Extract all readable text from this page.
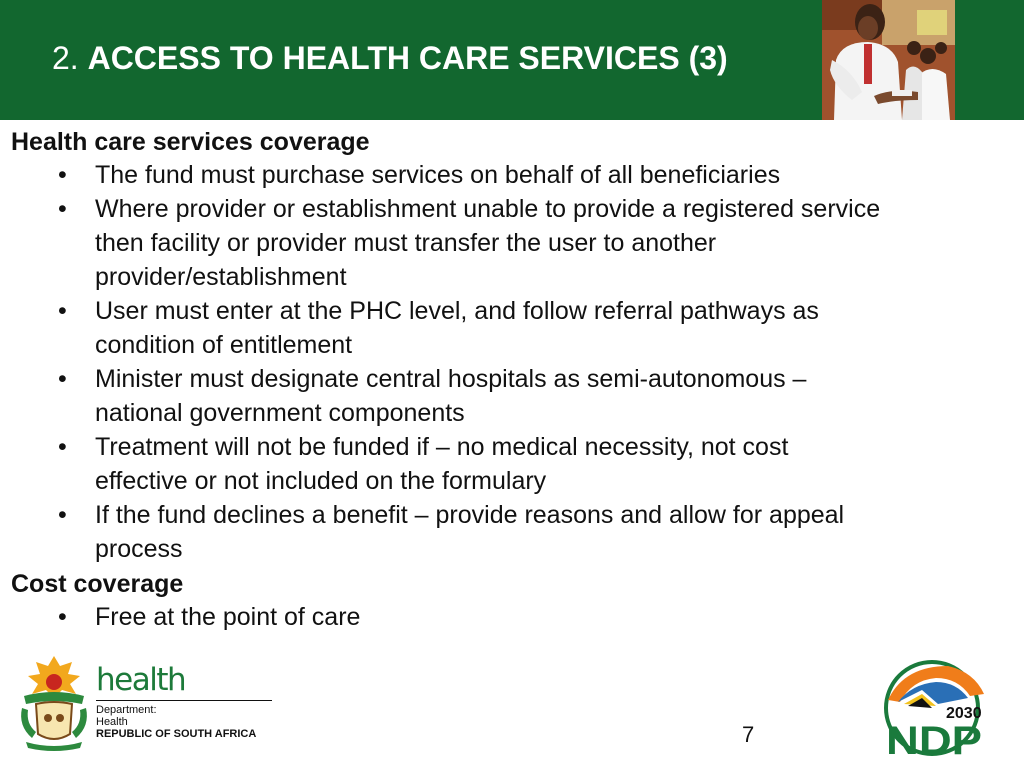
2. ACCESS TO HEALTH CARE SERVICES (3)

Health care services coverage

• The fund must purchase services on behalf of all beneficiaries
• Where provider or establishment unable to provide a registered service
then facility or provider must transfer the user to another
provider/establishment
• User must enter at the PHC level, and follow referral pathways as
condition of entitlement
• Minister must designate central hospitals as semi-autonomous –
national government components
• Treatment will not be funded if – no medical necessity, not cost
effective or not included on the formulary
• If the fund declines a benefit – provide reasons and allow for appeal
process

Cost coverage

• Free at the point of care
health
Department:
Health
REPUBLIC OF SOUTH AFRICA	7
2030
NDP
